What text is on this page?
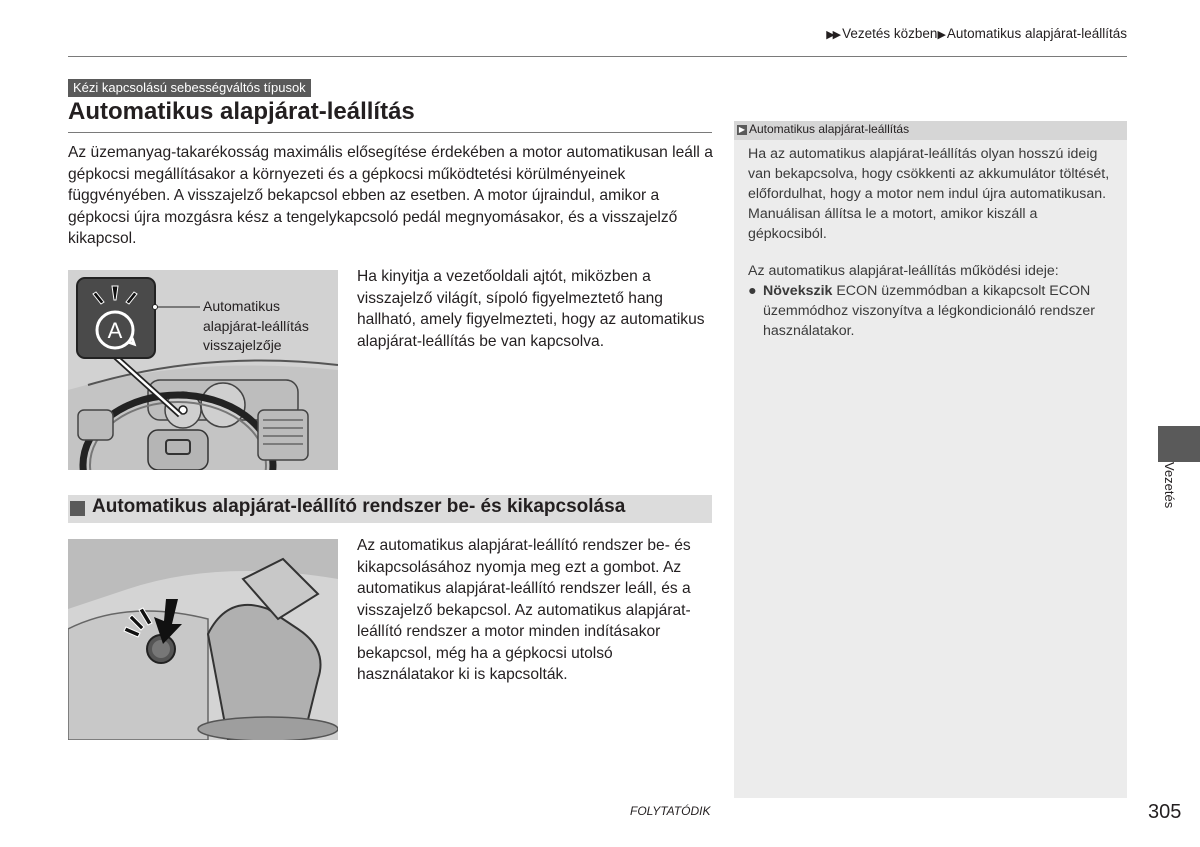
▶▶ Vezetés közben▶ Automatikus alapjárat-leállítás
Kézi kapcsolású sebességváltós típusok
Automatikus alapjárat-leállítás
Az üzemanyag-takarékosság maximális elősegítése érdekében a motor automatikusan leáll a gépkocsi megállításakor a környezeti és a gépkocsi működtetési körülményeinek függvényében. A visszajelző bekapcsol ebben az esetben. A motor újraindul, amikor a gépkocsi újra mozgásra kész a tengelykapcsoló pedál megnyomásakor, és a visszajelző kikapcsol.
A
Automatikus
alapjárat-leállítás
visszajelzője
Ha kinyitja a vezetőoldali ajtót, miközben a visszajelző világít, sípoló figyelmeztető hang hallható, amely figyelmezteti, hogy az automatikus alapjárat-leállítás be van kapcsolva.
Automatikus alapjárat-leállító rendszer be- és kikapcsolása
Az automatikus alapjárat-leállító rendszer be- és kikapcsolásához nyomja meg ezt a gombot. Az automatikus alapjárat-leállító rendszer leáll, és a visszajelző bekapcsol. Az automatikus alapjárat-leállító rendszer a motor minden indításakor bekapcsol, még ha a gépkocsi utolsó használatakor ki is kapcsolták.
▶ Automatikus alapjárat-leállítás
Ha az automatikus alapjárat-leállítás olyan hosszú ideig van bekapcsolva, hogy csökkenti az akkumulátor töltését, előfordulhat, hogy a motor nem indul újra automatikusan. Manuálisan állítsa le a motort, amikor kiszáll a gépkocsiból.
Az automatikus alapjárat-leállítás működési ideje:
● Növekszik ECON üzemmódban a kikapcsolt ECON üzemmódhoz viszonyítva a légkondicionáló rendszer használatakor.
Vezetés
FOLYTATÓDIK	305
